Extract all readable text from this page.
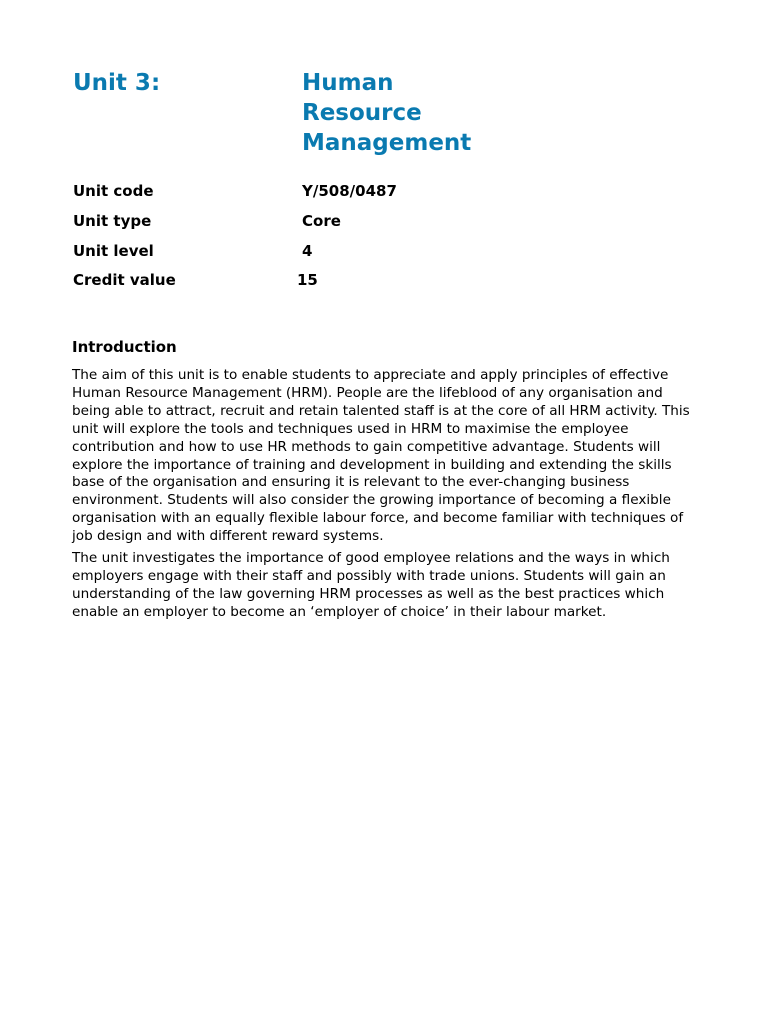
Unit 3:	Human
Resource
Management
Unit code	Y/508/0487
Unit type	Core
Unit level	4
Credit value	15
Introduction

The aim of this unit is to enable students to appreciate and apply principles of effective Human Resource Management (HRM). People are the lifeblood of any organisation and being able to attract, recruit and retain talented staff is at the core of all HRM activity. This unit will explore the tools and techniques used in HRM to maximise the employee contribution and how to use HR methods to gain competitive advantage. Students will explore the importance of training and development in building and extending the skills base of the organisation and ensuring it is relevant to the ever-changing business environment. Students will also consider the growing importance of becoming a flexible organisation with an equally flexible labour force, and become familiar with techniques of job design and with different reward systems.

The unit investigates the importance of good employee relations and the ways in which employers engage with their staff and possibly with trade unions. Students will gain an understanding of the law governing HRM processes as well as the best practices which enable an employer to become an ‘employer of choice’ in their labour market.
